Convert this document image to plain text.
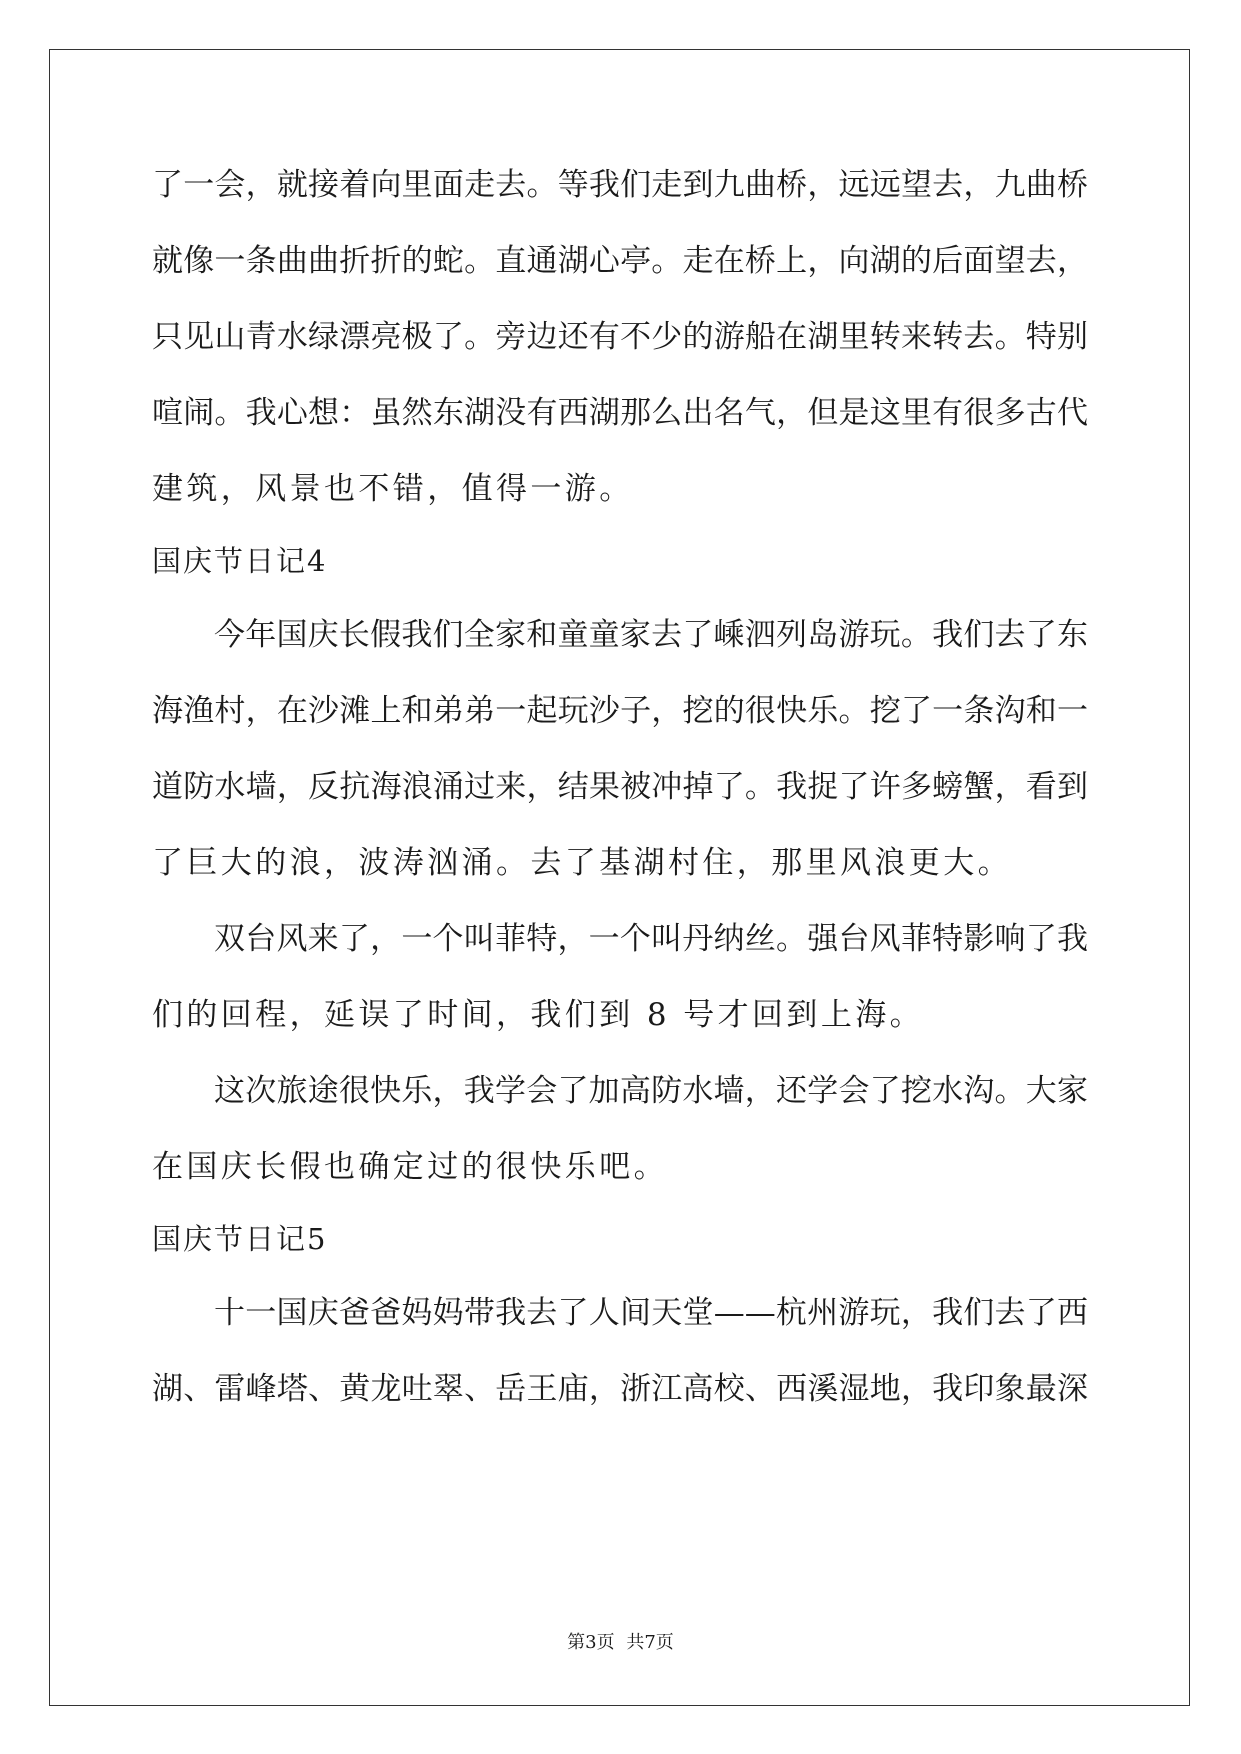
了一会，就接着向里面走去。等我们走到九曲桥，远远望去，九曲桥
就像一条曲曲折折的蛇。直通湖心亭。走在桥上，向湖的后面望去，
只见山青水绿漂亮极了。旁边还有不少的游船在湖里转来转去。特别
喧闹。我心想：虽然东湖没有西湖那么出名气，但是这里有很多古代
建筑，风景也不错，值得一游。
国庆节日记4
今年国庆长假我们全家和童童家去了嵊泗列岛游玩。我们去了东
海渔村，在沙滩上和弟弟一起玩沙子，挖的很快乐。挖了一条沟和一
道防水墙，反抗海浪涌过来，结果被冲掉了。我捉了许多螃蟹，看到
了巨大的浪，波涛汹涌。去了基湖村住，那里风浪更大。
双台风来了，一个叫菲特，一个叫丹纳丝。强台风菲特影响了我
们的回程，延误了时间，我们到 8 号才回到上海。
这次旅途很快乐，我学会了加高防水墙，还学会了挖水沟。大家
在国庆长假也确定过的很快乐吧。
国庆节日记5
十一国庆爸爸妈妈带我去了人间天堂——杭州游玩，我们去了西
湖、雷峰塔、黄龙吐翠、岳王庙，浙江高校、西溪湿地，我印象最深
第3页 共7页
